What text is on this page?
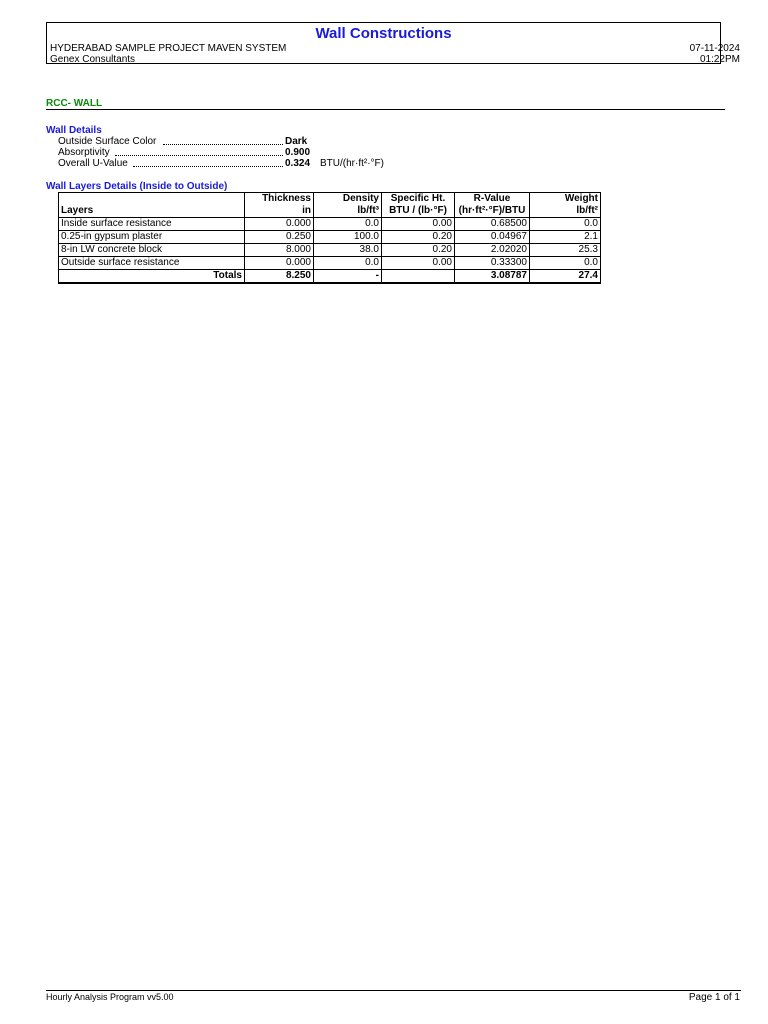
Wall Constructions
HYDERABAD SAMPLE PROJECT MAVEN SYSTEM
Genex Consultants
07-11-2024
01:22PM
RCC- WALL
Wall Details
Outside Surface Color	Dark
Absorptivity	0.900
Overall U-Value	0.324 BTU/(hr·ft²·°F)
Wall Layers Details (Inside to Outside)
	Thickness	Density	Specific Ht.	R-Value	Weight
Layers	in	lb/ft³	BTU / (lb·°F)	(hr·ft²·°F)/BTU	lb/ft²
Inside surface resistance	0.000	0.0	0.00	0.68500	0.0
0.25-in gypsum plaster	0.250	100.0	0.20	0.04967	2.1
8-in LW concrete block	8.000	38.0	0.20	2.02020	25.3
Outside surface resistance	0.000	0.0	0.00	0.33300	0.0
Totals	8.250	-		3.08787	27.4
Hourly Analysis Program vv5.00	Page 1 of 1
